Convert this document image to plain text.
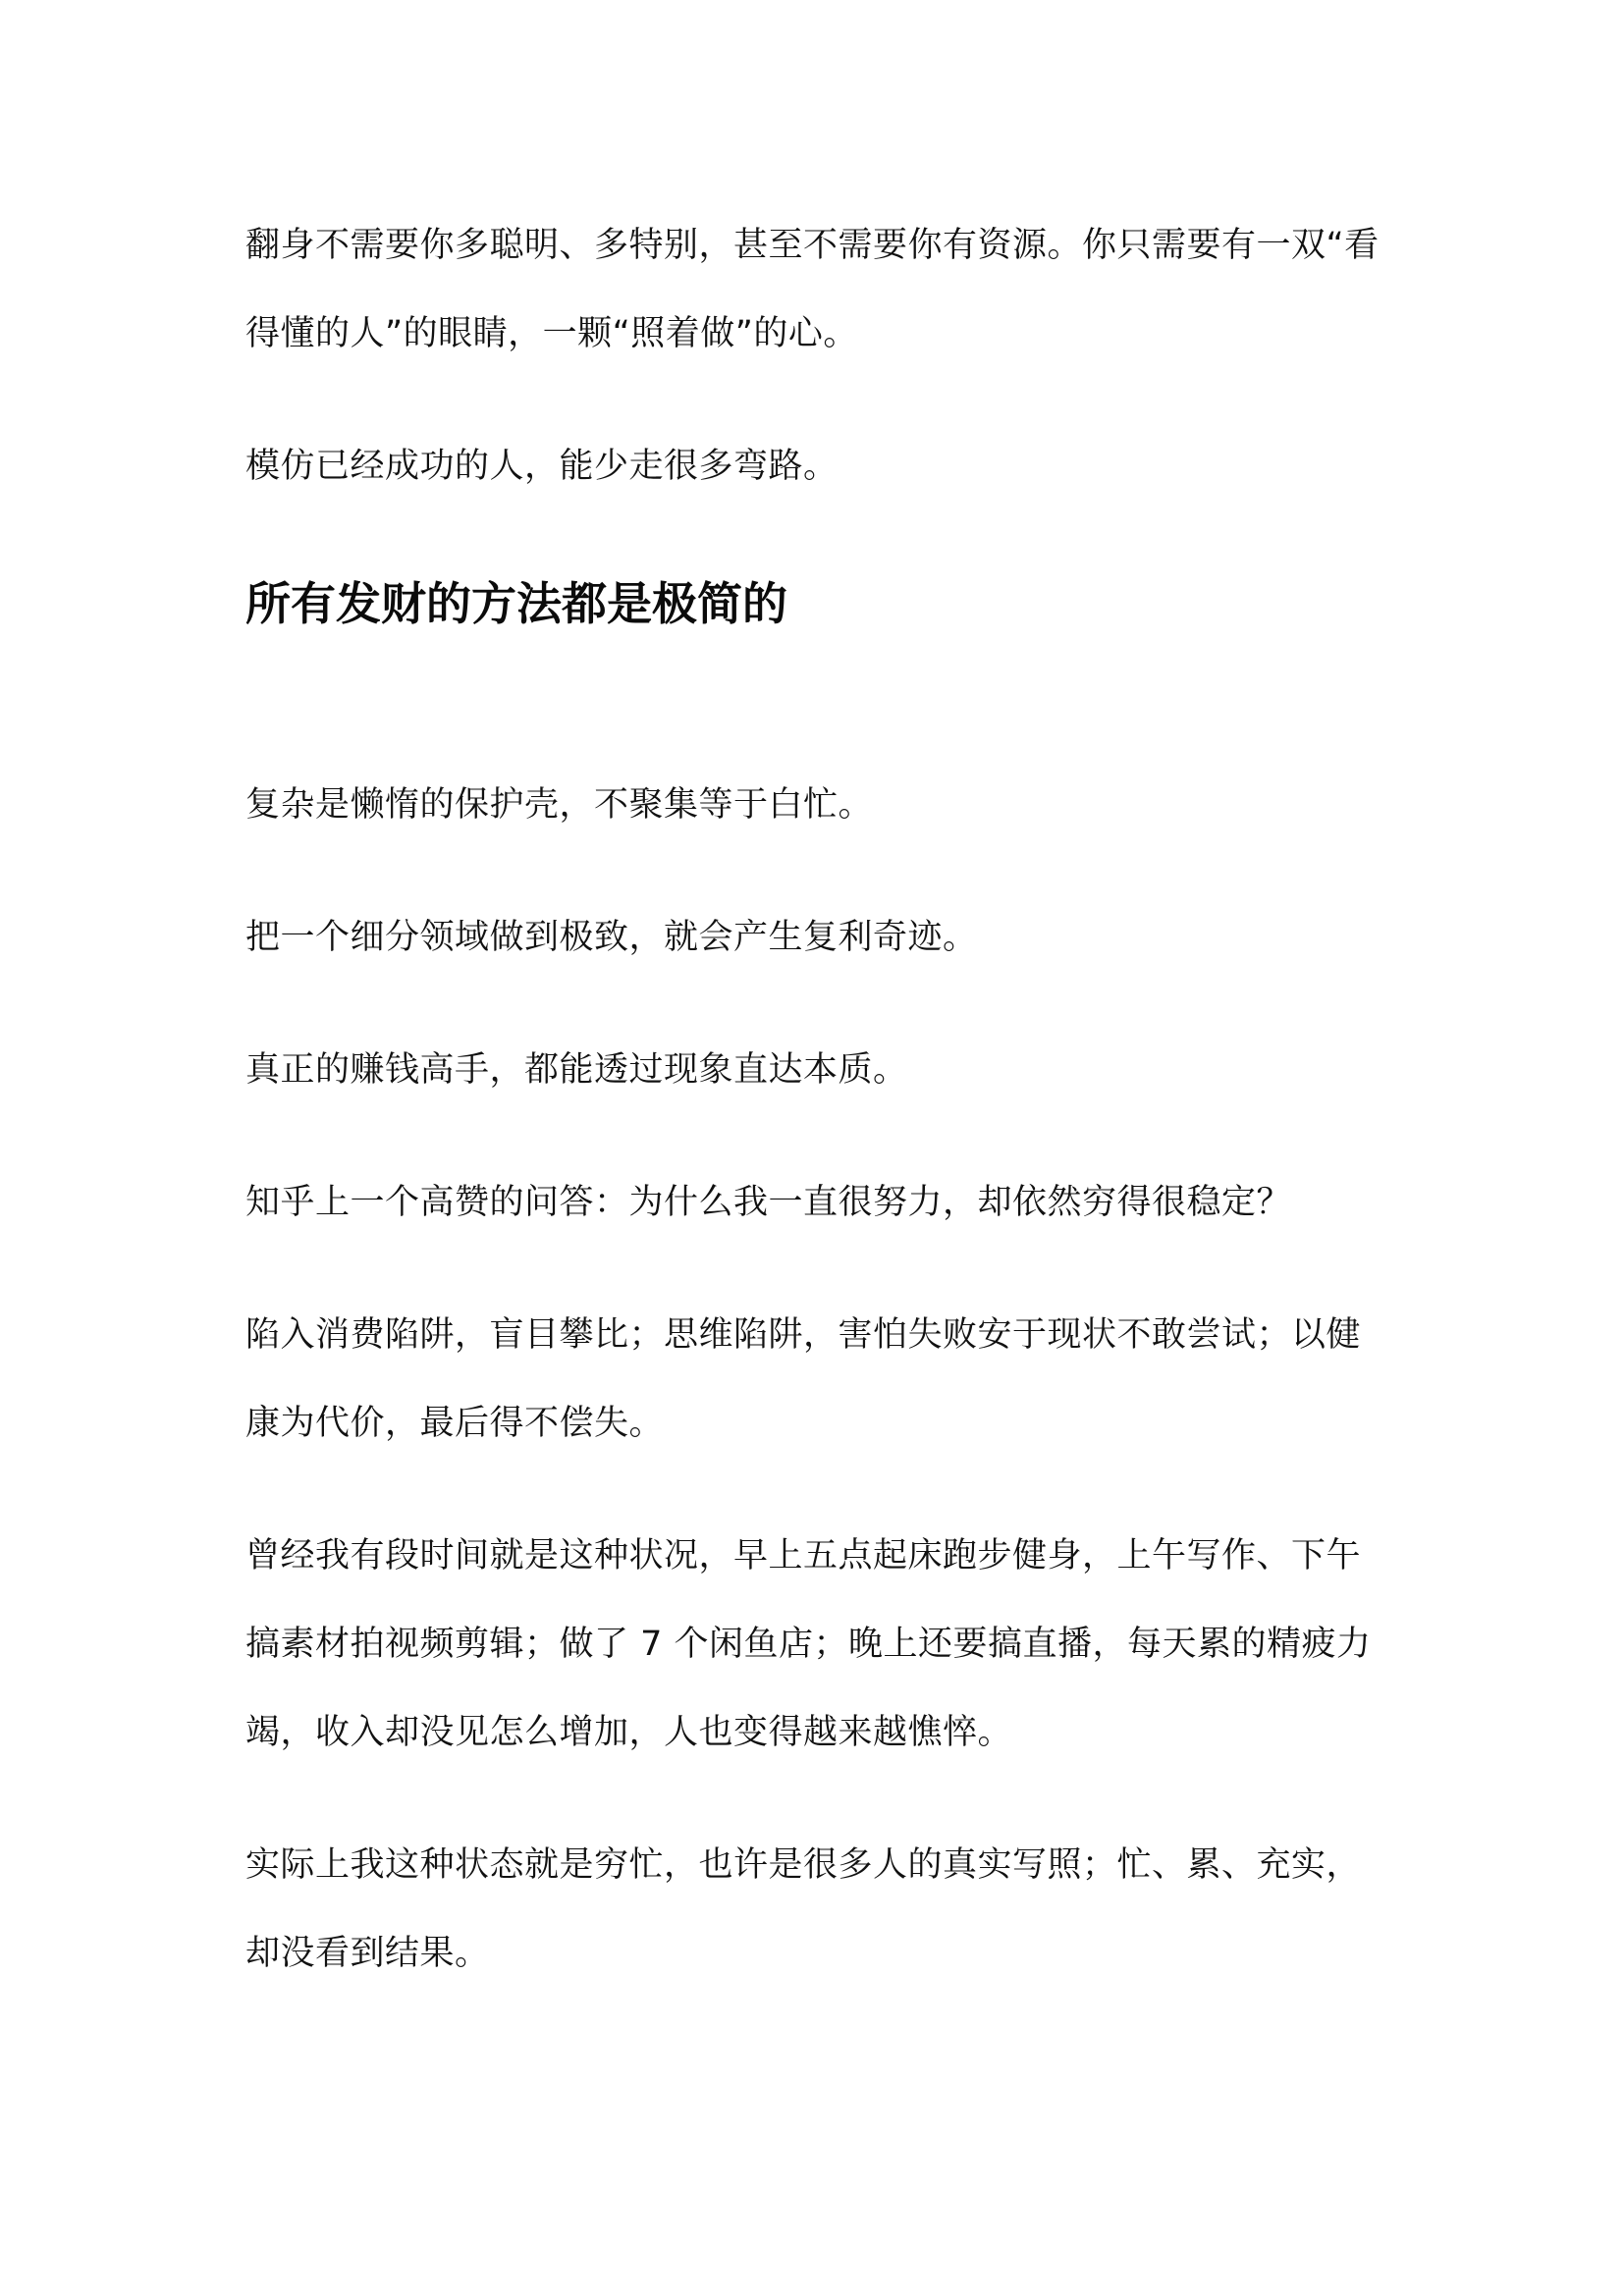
翻身不需要你多聪明、多特别，甚至不需要你有资源。你只需要有一双“看
得懂的人”的眼睛，一颗“照着做”的心。
模仿已经成功的人，能少走很多弯路。
所有发财的方法都是极简的
复杂是懒惰的保护壳，不聚集等于白忙。
把一个细分领域做到极致，就会产生复利奇迹。
真正的赚钱高手，都能透过现象直达本质。
知乎上一个高赞的问答：为什么我一直很努力，却依然穷得很稳定？
陷入消费陷阱，盲目攀比；思维陷阱，害怕失败安于现状不敢尝试；以健
康为代价，最后得不偿失。
曾经我有段时间就是这种状况，早上五点起床跑步健身，上午写作、下午
搞素材拍视频剪辑；做了 7 个闲鱼店；晚上还要搞直播，每天累的精疲力
竭，收入却没见怎么增加，人也变得越来越憔悴。
实际上我这种状态就是穷忙，也许是很多人的真实写照；忙、累、充实，
却没看到结果。
